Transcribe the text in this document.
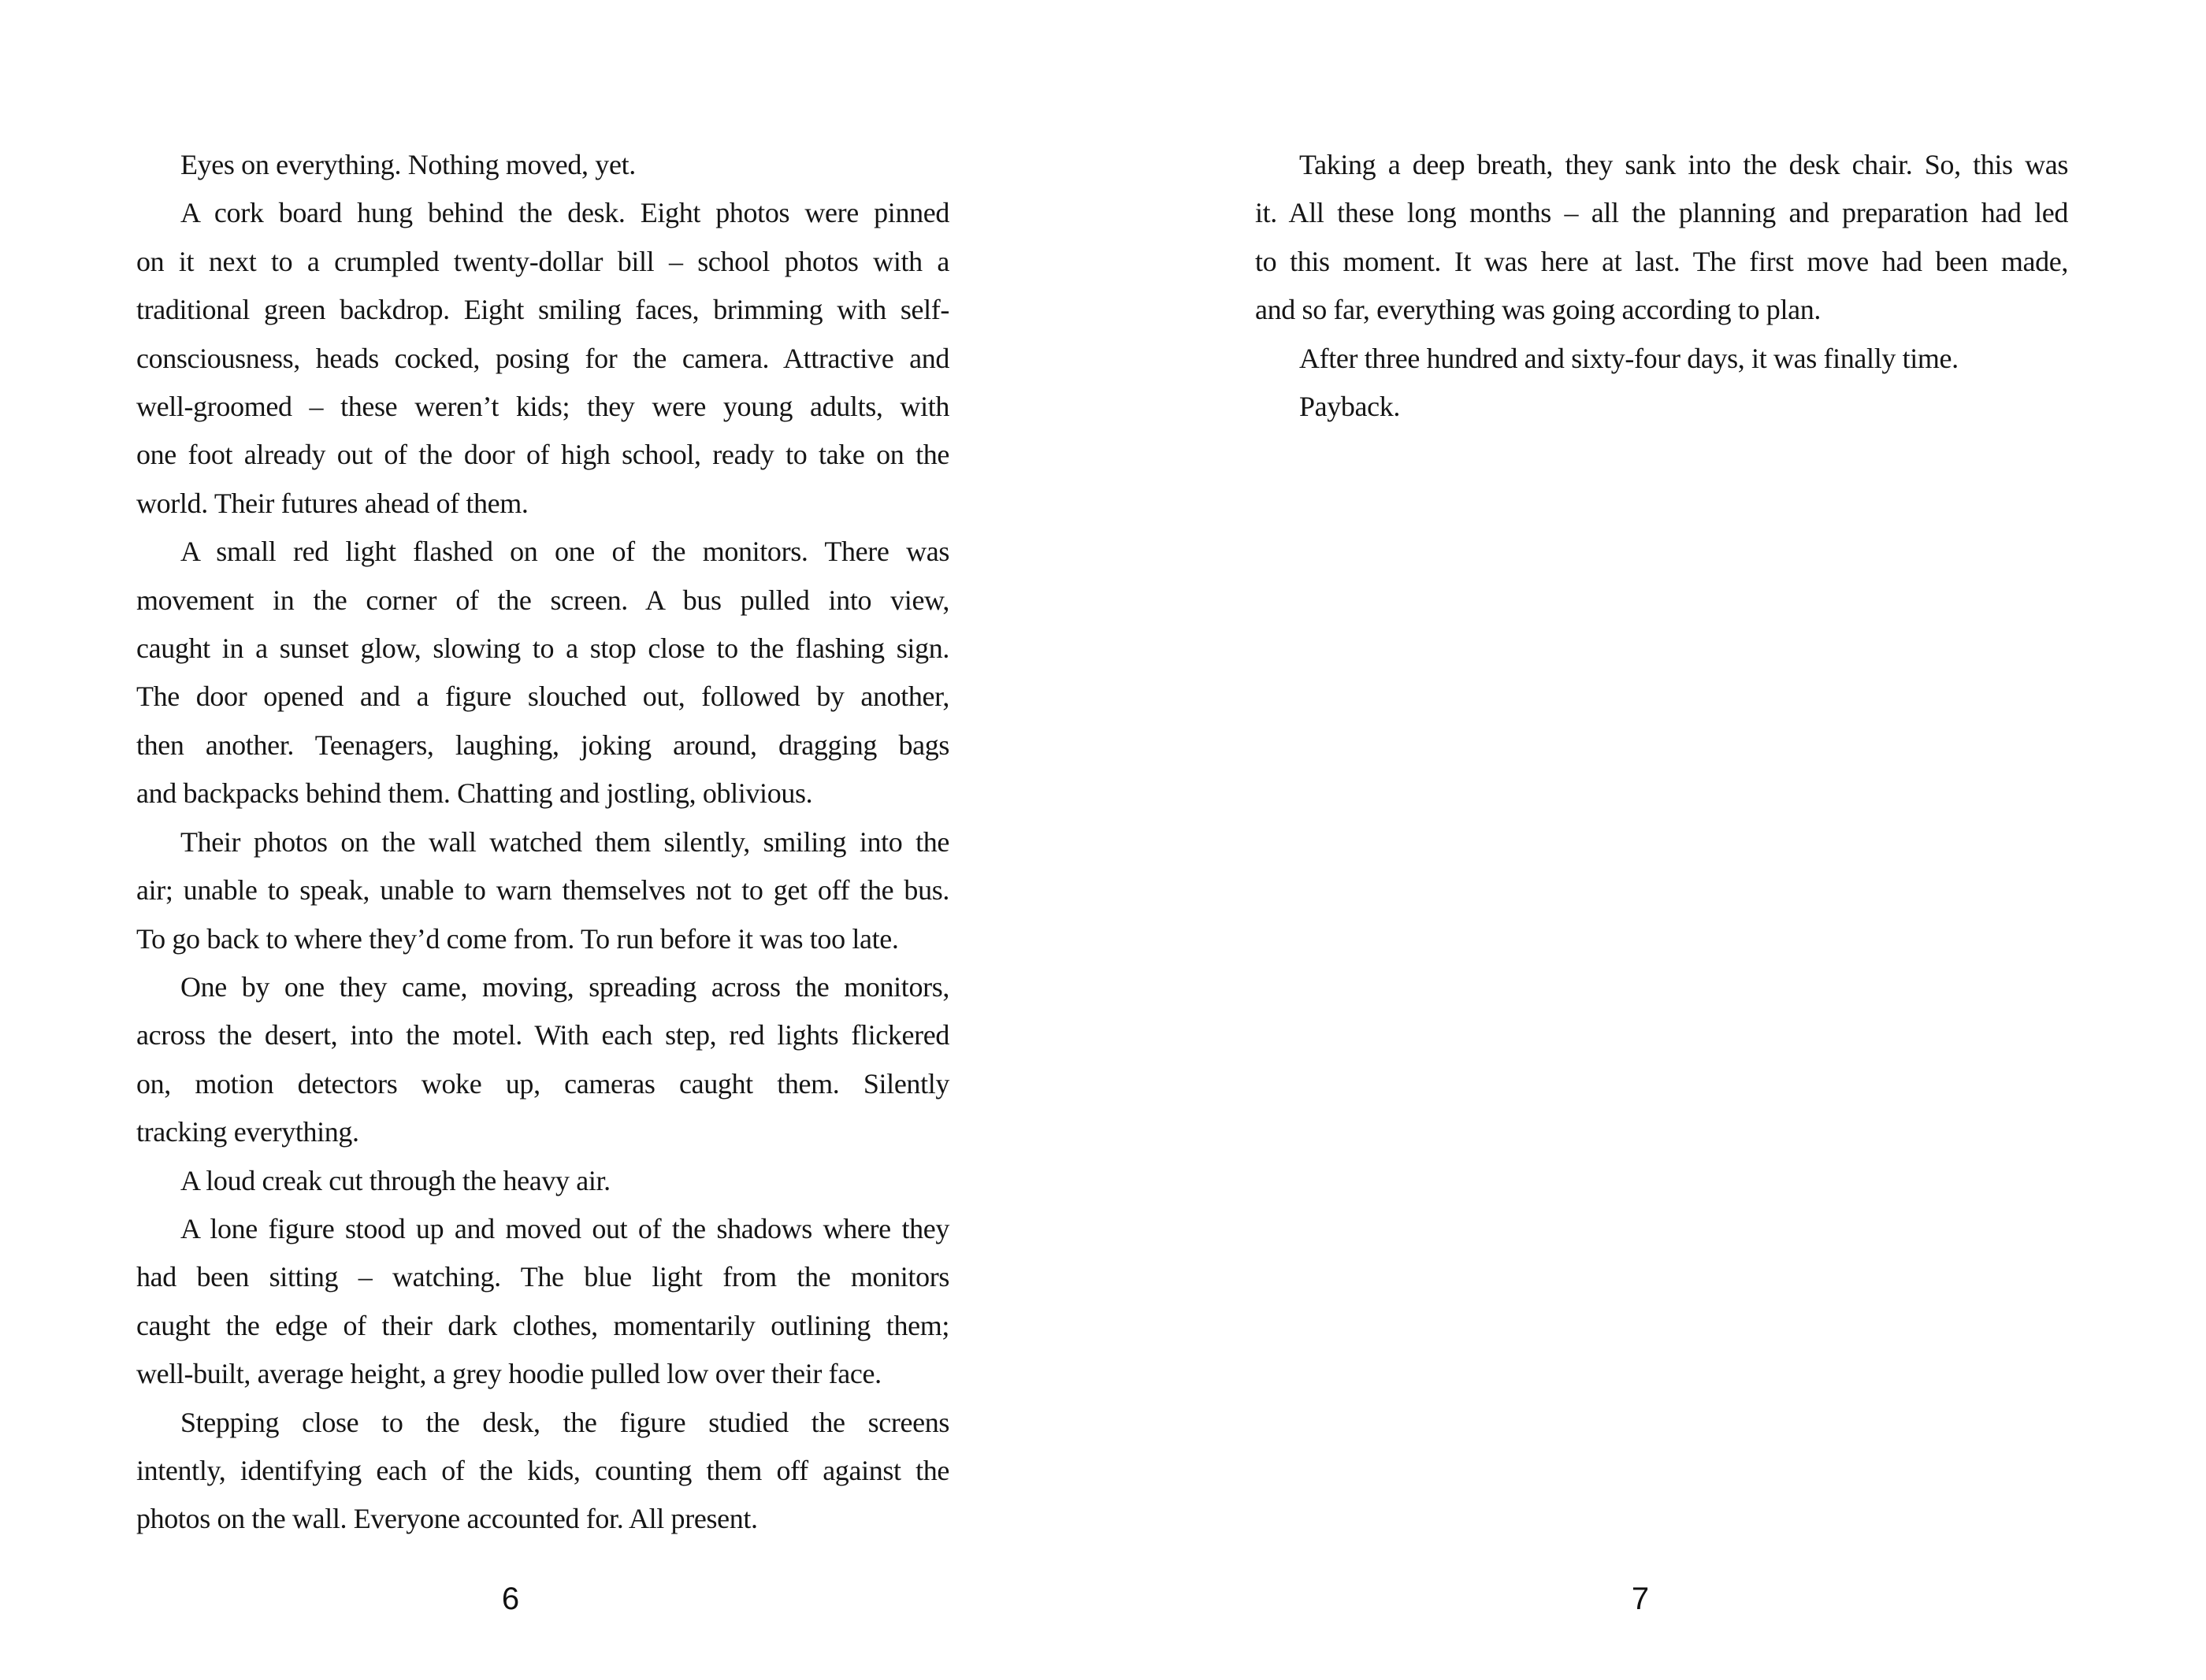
Eyes on everything. Nothing moved, yet.
A cork board hung behind the desk. Eight photos were pinned
on it next to a crumpled twenty-dollar bill – school photos with a
traditional green backdrop. Eight smiling faces, brimming with self-
consciousness, heads cocked, posing for the camera. Attractive and
well-groomed – these weren’t kids; they were young adults, with
one foot already out of the door of high school, ready to take on the
world. Their futures ahead of them.
A small red light flashed on one of the monitors. There was
movement in the corner of the screen. A bus pulled into view,
caught in a sunset glow, slowing to a stop close to the flashing sign.
The door opened and a figure slouched out, followed by another,
then another. Teenagers, laughing, joking around, dragging bags
and backpacks behind them. Chatting and jostling, oblivious.
Their photos on the wall watched them silently, smiling into the
air; unable to speak, unable to warn themselves not to get off the bus.
To go back to where they’d come from. To run before it was too late.
One by one they came, moving, spreading across the monitors,
across the desert, into the motel. With each step, red lights flickered
on, motion detectors woke up, cameras caught them. Silently
tracking everything.
A loud creak cut through the heavy air.
A lone figure stood up and moved out of the shadows where they
had been sitting – watching. The blue light from the monitors
caught the edge of their dark clothes, momentarily outlining them;
well-built, average height, a grey hoodie pulled low over their face.
Stepping close to the desk, the figure studied the screens
intently, identifying each of the kids, counting them off against the
photos on the wall. Everyone accounted for. All present.
Taking a deep breath, they sank into the desk chair. So, this was
it. All these long months – all the planning and preparation had led
to this moment. It was here at last. The first move had been made,
and so far, everything was going according to plan.
After three hundred and sixty-four days, it was finally time.
Payback.
6	7
